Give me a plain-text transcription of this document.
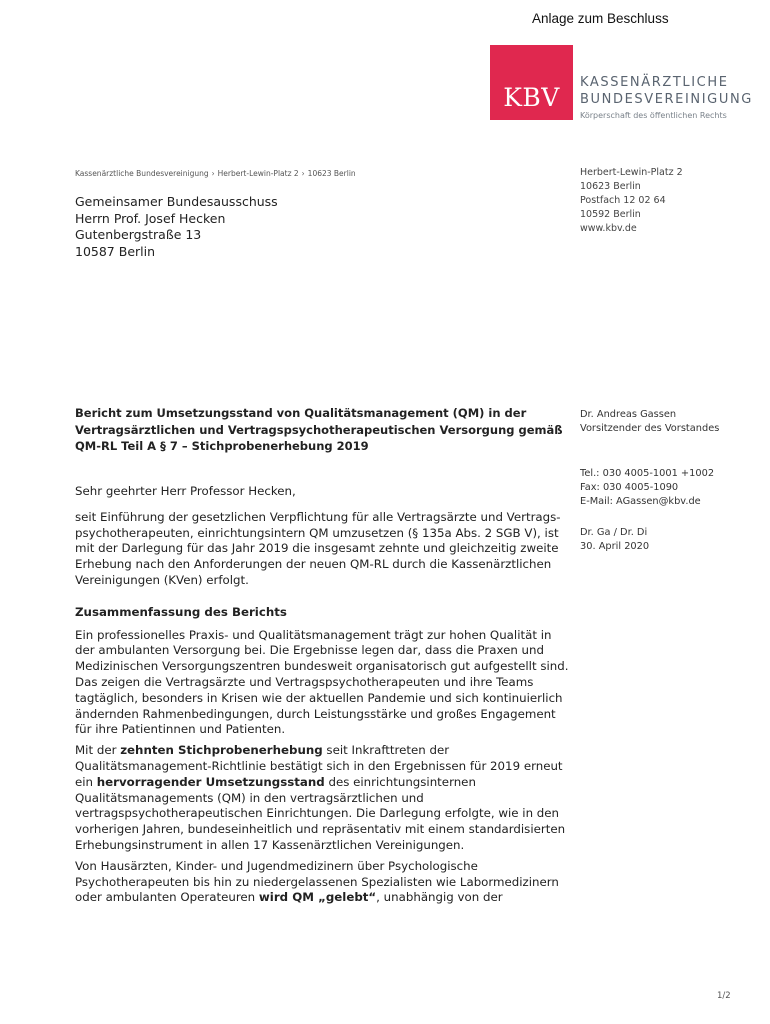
Anlage zum Beschluss
KBV
KASSENÄRZTLICHE
BUNDESVEREINIGUNG
Körperschaft des öffentlichen Rechts
Kassenärztliche Bundesvereinigung › Herbert-Lewin-Platz 2 › 10623 Berlin
Gemeinsamer Bundesausschuss
Herrn Prof. Josef Hecken
Gutenbergstraße 13
10587 Berlin
Herbert-Lewin-Platz 2
10623 Berlin
Postfach 12 02 64
10592 Berlin
www.kbv.de
Bericht zum Umsetzungsstand von Qualitätsmanagement (QM) in der Vertragsärztlichen und Vertragspsychotherapeutischen Versorgung gemäß QM-RL Teil A § 7 – Stichprobenerhebung 2019
Dr. Andreas Gassen
Vorsitzender des Vorstandes
Tel.: 030 4005-1001 +1002
Fax: 030 4005-1090
E-Mail: AGassen@kbv.de
Dr. Ga / Dr. Di
30. April 2020

Sehr geehrter Herr Professor Hecken,

seit Einführung der gesetzlichen Verpflichtung für alle Vertragsärzte und Vertrags-psychotherapeuten, einrichtungsintern QM umzusetzen (§ 135a Abs. 2 SGB V), ist mit der Darlegung für das Jahr 2019 die insgesamt zehnte und gleichzeitig zweite Erhebung nach den Anforderungen der neuen QM-RL durch die Kassenärztlichen Vereinigungen (KVen) erfolgt.

Zusammenfassung des Berichts

Ein professionelles Praxis- und Qualitätsmanagement trägt zur hohen Qualität in der ambulanten Versorgung bei. Die Ergebnisse legen dar, dass die Praxen und Medizinischen Versorgungszentren bundesweit organisatorisch gut aufgestellt sind. Das zeigen die Vertragsärzte und Vertragspsychotherapeuten und ihre Teams tagtäglich, besonders in Krisen wie der aktuellen Pandemie und sich kontinuierlich ändernden Rahmenbedingungen, durch Leistungsstärke und großes Engagement für ihre Patientinnen und Patienten.

Mit der zehnten Stichprobenerhebung seit Inkrafttreten der Qualitätsmanagement-Richtlinie bestätigt sich in den Ergebnissen für 2019 erneut ein hervorragender Umsetzungsstand des einrichtungsinternen Qualitätsmanagements (QM) in den vertragsärztlichen und vertragspsychotherapeutischen Einrichtungen. Die Darlegung erfolgte, wie in den vorherigen Jahren, bundeseinheitlich und repräsentativ mit einem standardisierten Erhebungsinstrument in allen 17 Kassenärztlichen Vereinigungen.

Von Hausärzten, Kinder- und Jugendmedizinern über Psychologische Psychotherapeuten bis hin zu niedergelassenen Spezialisten wie Labormedizinern oder ambulanten Operateuren wird QM „gelebt“, unabhängig von der

1/2
